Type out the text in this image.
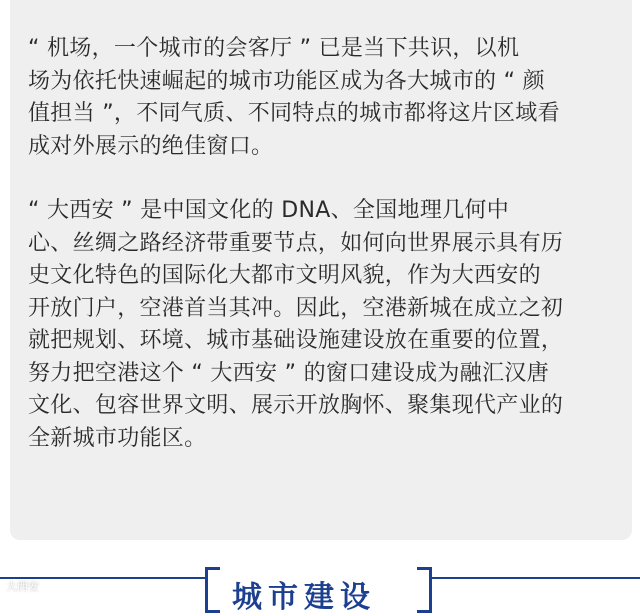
“ 机场，一个城市的会客厅 ” 已是当下共识，以机
场为依托快速崛起的城市功能区成为各大城市的 “ 颜
值担当 ”，不同气质、不同特点的城市都将这片区域看
成对外展示的绝佳窗口。

“ 大西安 ” 是中国文化的 DNA、全国地理几何中
心、丝绸之路经济带重要节点，如何向世界展示具有历
史文化特色的国际化大都市文明风貌，作为大西安的
开放门户，空港首当其冲。因此，空港新城在成立之初
就把规划、环境、城市基础设施建设放在重要的位置，
努力把空港这个 “ 大西安 ” 的窗口建设成为融汇汉唐
文化、包容世界文明、展示开放胸怀、聚集现代产业的
全新城市功能区。

城市建设
大西安
